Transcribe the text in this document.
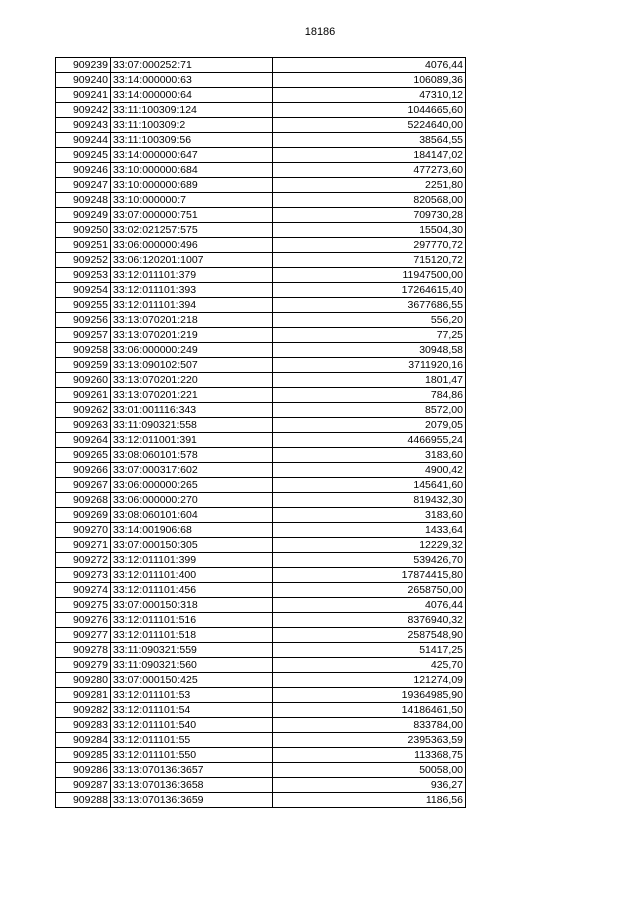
18186
909239	33:07:000252:71	4076,44
909240	33:14:000000:63	106089,36
909241	33:14:000000:64	47310,12
909242	33:11:100309:124	1044665,60
909243	33:11:100309:2	5224640,00
909244	33:11:100309:56	38564,55
909245	33:14:000000:647	184147,02
909246	33:10:000000:684	477273,60
909247	33:10:000000:689	2251,80
909248	33:10:000000:7	820568,00
909249	33:07:000000:751	709730,28
909250	33:02:021257:575	15504,30
909251	33:06:000000:496	297770,72
909252	33:06:120201:1007	715120,72
909253	33:12:011101:379	11947500,00
909254	33:12:011101:393	17264615,40
909255	33:12:011101:394	3677686,55
909256	33:13:070201:218	556,20
909257	33:13:070201:219	77,25
909258	33:06:000000:249	30948,58
909259	33:13:090102:507	3711920,16
909260	33:13:070201:220	1801,47
909261	33:13:070201:221	784,86
909262	33:01:001116:343	8572,00
909263	33:11:090321:558	2079,05
909264	33:12:011001:391	4466955,24
909265	33:08:060101:578	3183,60
909266	33:07:000317:602	4900,42
909267	33:06:000000:265	145641,60
909268	33:06:000000:270	819432,30
909269	33:08:060101:604	3183,60
909270	33:14:001906:68	1433,64
909271	33:07:000150:305	12229,32
909272	33:12:011101:399	539426,70
909273	33:12:011101:400	17874415,80
909274	33:12:011101:456	2658750,00
909275	33:07:000150:318	4076,44
909276	33:12:011101:516	8376940,32
909277	33:12:011101:518	2587548,90
909278	33:11:090321:559	51417,25
909279	33:11:090321:560	425,70
909280	33:07:000150:425	121274,09
909281	33:12:011101:53	19364985,90
909282	33:12:011101:54	14186461,50
909283	33:12:011101:540	833784,00
909284	33:12:011101:55	2395363,59
909285	33:12:011101:550	113368,75
909286	33:13:070136:3657	50058,00
909287	33:13:070136:3658	936,27
909288	33:13:070136:3659	1186,56
